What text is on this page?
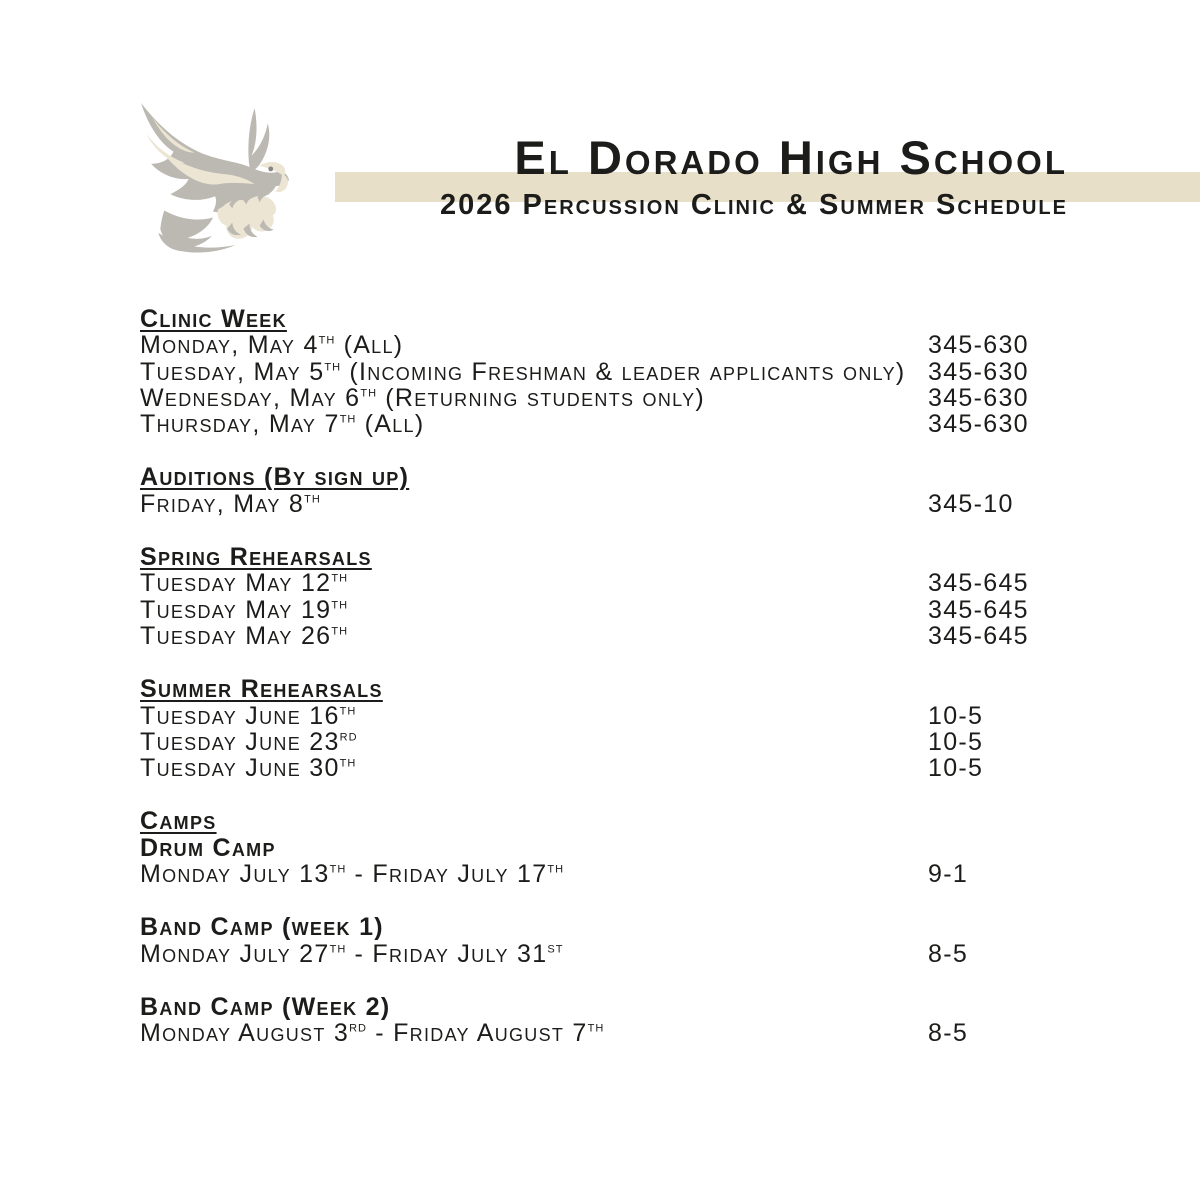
El Dorado High School
2026 Percussion Clinic & Summer Schedule
Clinic Week
Monday, May 4TH (All)	345-630
Tuesday, May 5TH (Incoming Freshman & leader applicants only) 345-630
Wednesday, May 6TH (Returning students only)	345-630
Thursday, May 7TH (All)	345-630
Auditions (By sign up)
Friday, May 8TH	345-10
Spring Rehearsals
Tuesday May 12TH	345-645
Tuesday May 19TH	345-645
Tuesday May 26TH	345-645
Summer Rehearsals
Tuesday June 16TH	10-5
Tuesday June 23RD	10-5
Tuesday June 30TH	10-5
Camps
Drum Camp
Monday July 13TH - Friday July 17TH	9-1
Band Camp (week 1)
Monday July 27TH - Friday July 31ST	8-5
Band Camp (Week 2)
Monday August 3RD - Friday August 7TH	8-5
